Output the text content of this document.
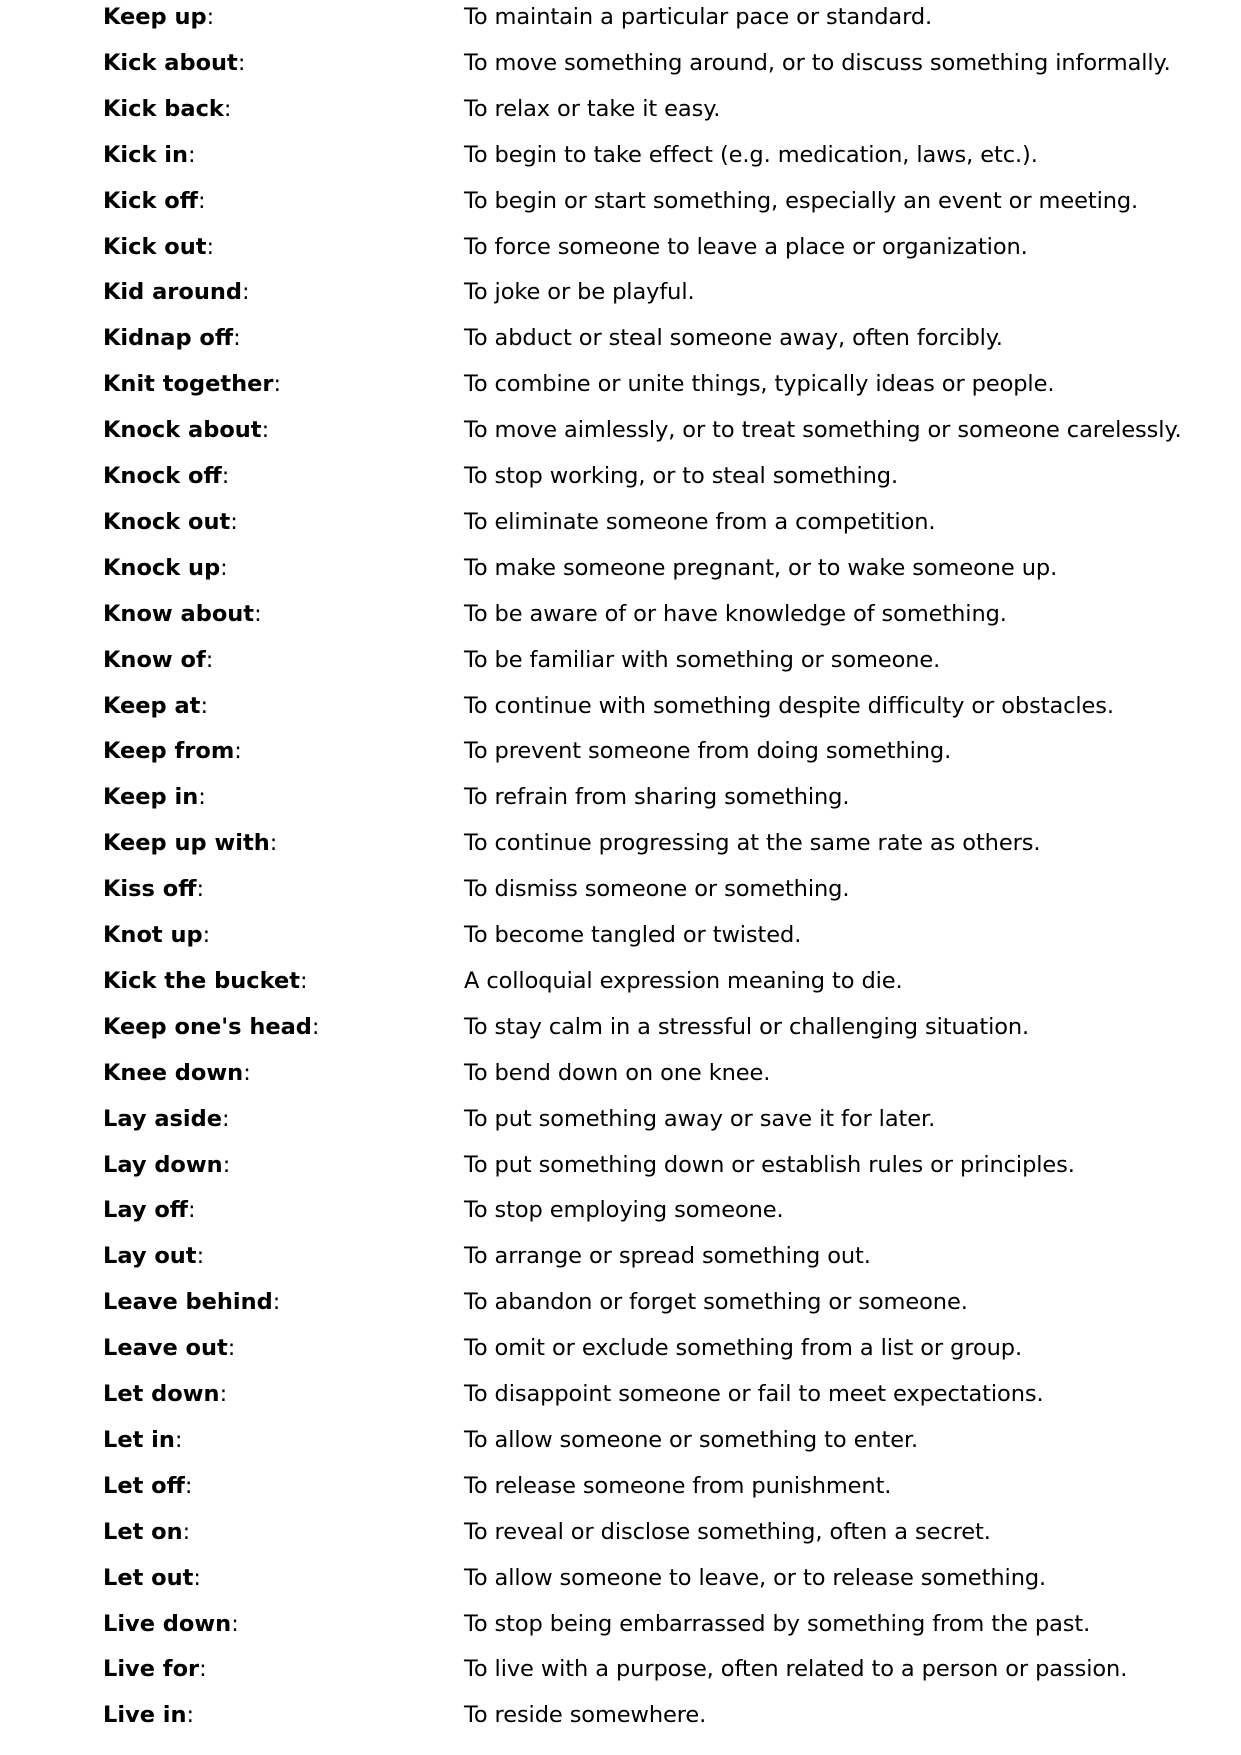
Keep up:	To maintain a particular pace or standard.
Kick about:	To move something around, or to discuss something informally.
Kick back:	To relax or take it easy.
Kick in:	To begin to take effect (e.g. medication, laws, etc.).
Kick off:	To begin or start something, especially an event or meeting.
Kick out:	To force someone to leave a place or organization.
Kid around:	To joke or be playful.
Kidnap off:	To abduct or steal someone away, often forcibly.
Knit together:	To combine or unite things, typically ideas or people.
Knock about:	To move aimlessly, or to treat something or someone carelessly.
Knock off:	To stop working, or to steal something.
Knock out:	To eliminate someone from a competition.
Knock up:	To make someone pregnant, or to wake someone up.
Know about:	To be aware of or have knowledge of something.
Know of:	To be familiar with something or someone.
Keep at:	To continue with something despite difficulty or obstacles.
Keep from:	To prevent someone from doing something.
Keep in:	To refrain from sharing something.
Keep up with:	To continue progressing at the same rate as others.
Kiss off:	To dismiss someone or something.
Knot up:	To become tangled or twisted.
Kick the bucket:	A colloquial expression meaning to die.
Keep one's head:	To stay calm in a stressful or challenging situation.
Knee down:	To bend down on one knee.
Lay aside:	To put something away or save it for later.
Lay down:	To put something down or establish rules or principles.
Lay off:	To stop employing someone.
Lay out:	To arrange or spread something out.
Leave behind:	To abandon or forget something or someone.
Leave out:	To omit or exclude something from a list or group.
Let down:	To disappoint someone or fail to meet expectations.
Let in:	To allow someone or something to enter.
Let off:	To release someone from punishment.
Let on:	To reveal or disclose something, often a secret.
Let out:	To allow someone to leave, or to release something.
Live down:	To stop being embarrassed by something from the past.
Live for:	To live with a purpose, often related to a person or passion.
Live in:	To reside somewhere.
